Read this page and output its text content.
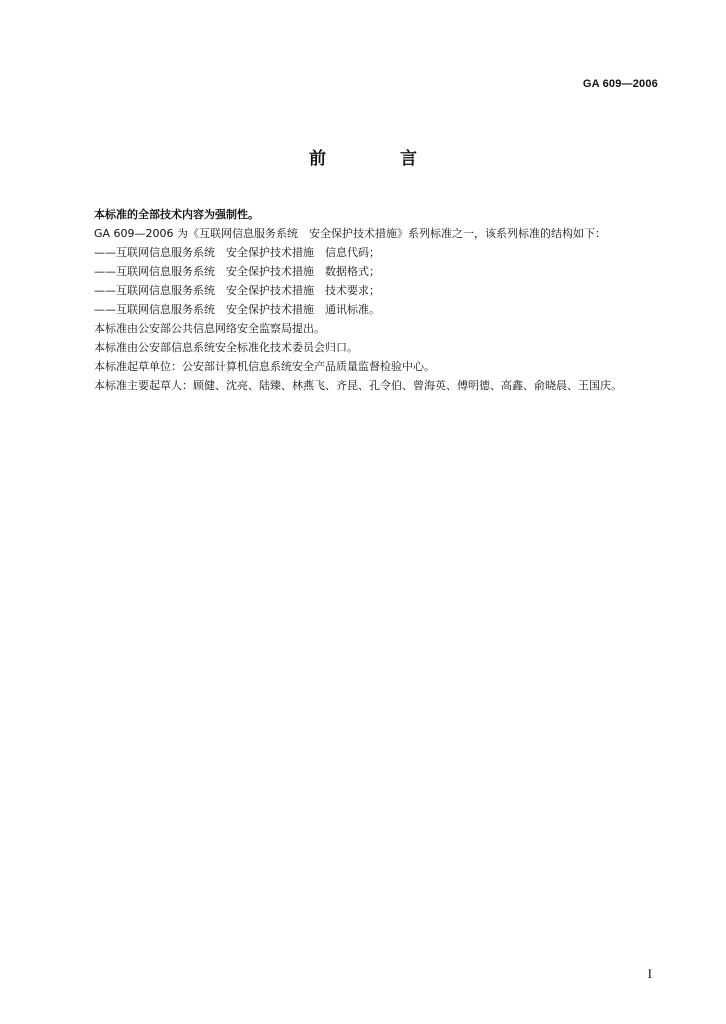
GA 609—2006
前 言

本标准的全部技术内容为强制性。

GA 609—2006 为《互联网信息服务系统　安全保护技术措施》系列标准之一，该系列标准的结构如下：

——互联网信息服务系统　安全保护技术措施　信息代码；

——互联网信息服务系统　安全保护技术措施　数据格式；

——互联网信息服务系统　安全保护技术措施　技术要求；

——互联网信息服务系统　安全保护技术措施　通讯标准。

本标准由公安部公共信息网络安全监察局提出。

本标准由公安部信息系统安全标准化技术委员会归口。

本标准起草单位：公安部计算机信息系统安全产品质量监督检验中心。

本标准主要起草人：顾健、沈亮、陆臻、林燕飞、齐昆、孔令伯、曾海英、傅明德、高鑫、俞晓晨、王国庆。

I
